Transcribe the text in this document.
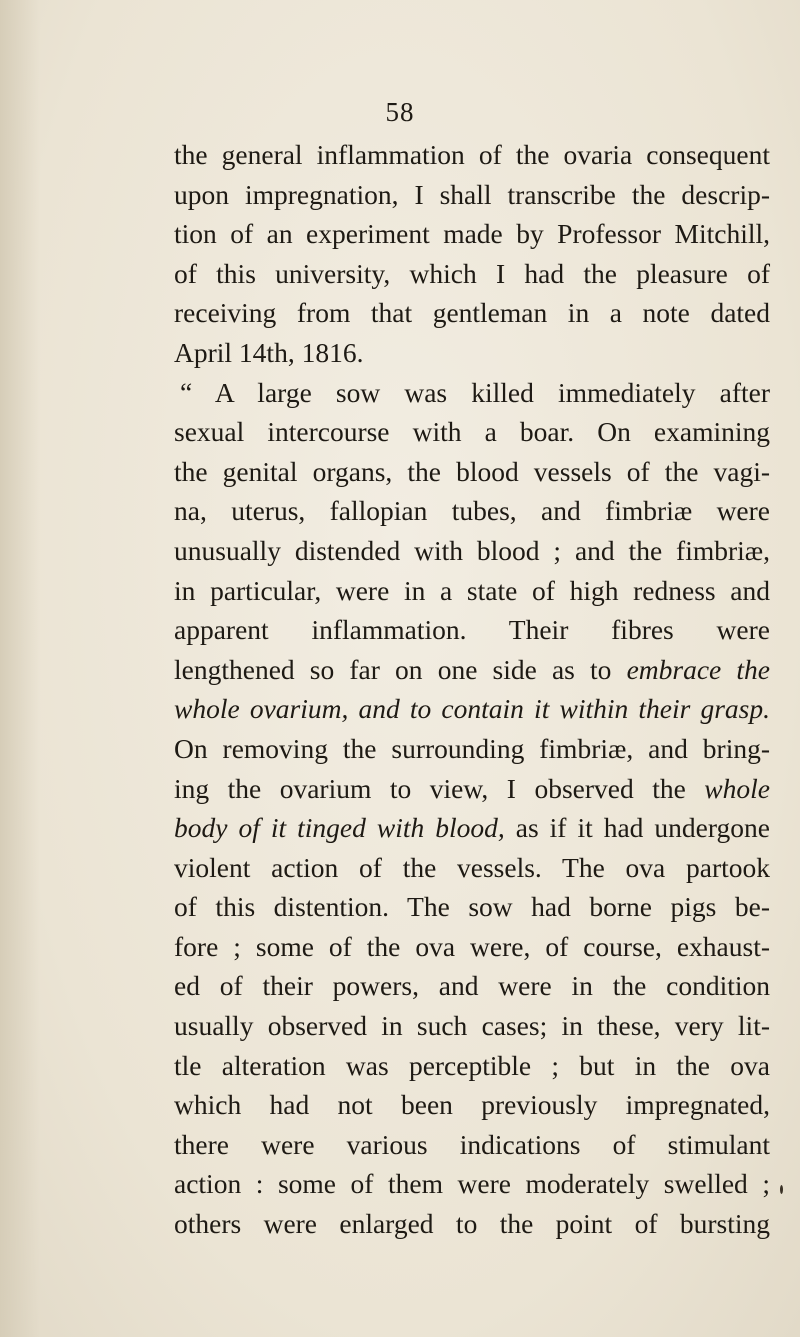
58
the general inflammation of the ovaria consequent
upon impregnation, I shall transcribe the descrip-
tion of an experiment made by Professor Mitchill,
of this university, which I had the pleasure of
receiving from that gentleman in a note dated
April 14th, 1816.
“ A large sow was killed immediately after
sexual intercourse with a boar. On examining
the genital organs, the blood vessels of the vagi-
na, uterus, fallopian tubes, and fimbriæ were
unusually distended with blood ; and the fimbriæ,
in particular, were in a state of high redness and
apparent inflammation. Their fibres were
lengthened so far on one side as to embrace the
whole ovarium, and to contain it within their grasp.
On removing the surrounding fimbriæ, and bring-
ing the ovarium to view, I observed the whole
body of it tinged with blood, as if it had undergone
violent action of the vessels. The ova partook
of this distention. The sow had borne pigs be-
fore ; some of the ova were, of course, exhaust-
ed of their powers, and were in the condition
usually observed in such cases; in these, very lit-
tle alteration was perceptible ; but in the ova
which had not been previously impregnated,
there were various indications of stimulant
action : some of them were moderately swelled ;
others were enlarged to the point of bursting
